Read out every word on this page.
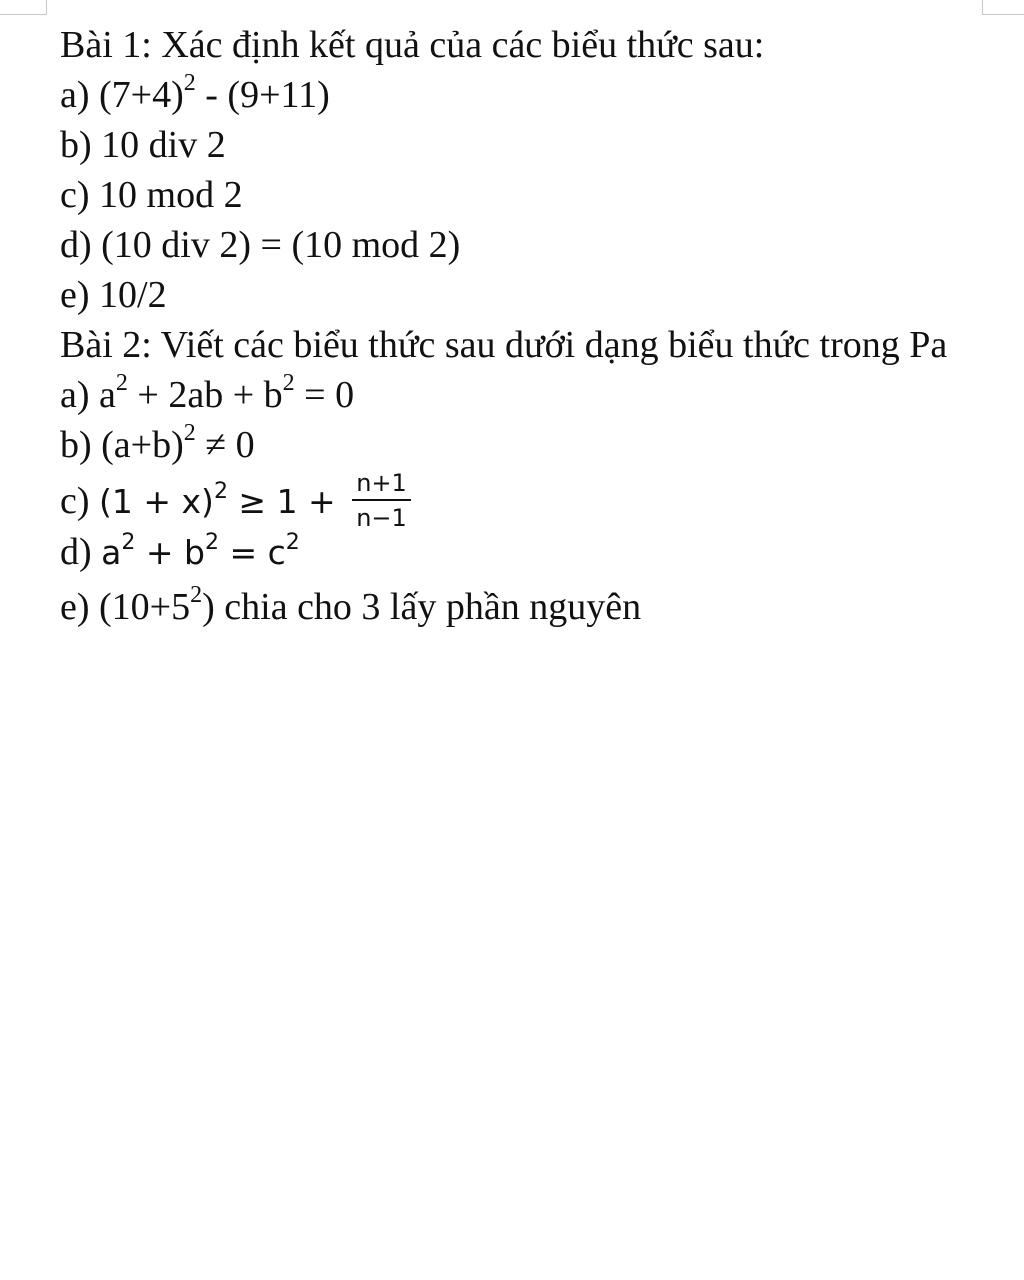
Bài 1: Xác định kết quả của các biểu thức sau:
a) $(7+4)^2 - (9+11)$
b) 10 div 2
c) 10 mod 2
d) (10 div 2) = (10 mod 2)
e) 10/2
Bài 2: Viết các biểu thức sau dưới dạng biểu thức trong Pa
a) $a^2 + 2ab + b^2 = 0$
b) $(a+b)^2 \ne 0$
c) $(1 + x)^2 \ge 1 + \frac{n+1}{n-1}$
d) $a^2 + b^2 = c^2$
e) $(10+5^2)$ chia cho 3 lấy phần nguyên
